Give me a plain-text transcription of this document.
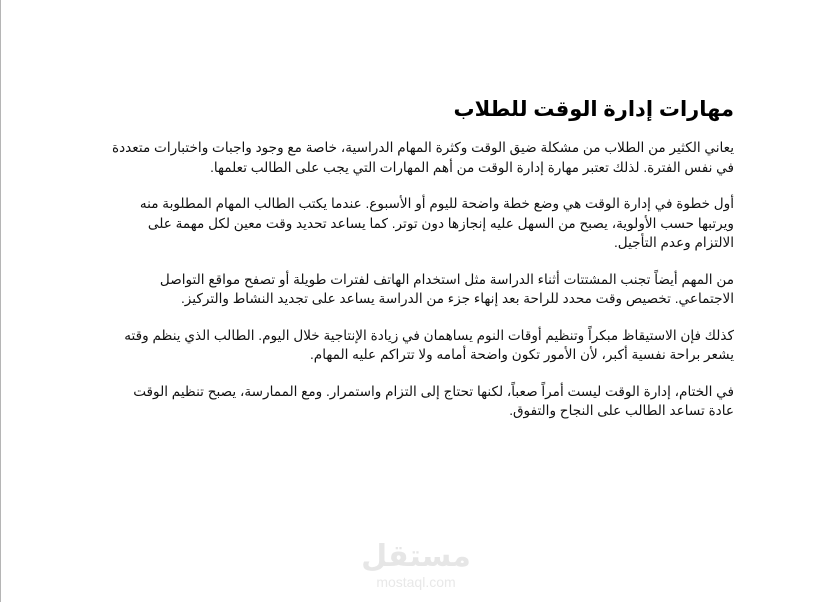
مهارات إدارة الوقت للطلاب

يعاني الكثير من الطلاب من مشكلة ضيق الوقت وكثرة المهام الدراسية، خاصة مع وجود واجبات واختبارات متعددة في نفس الفترة. لذلك تعتبر مهارة إدارة الوقت من أهم المهارات التي يجب على الطالب تعلمها.

أول خطوة في إدارة الوقت هي وضع خطة واضحة لليوم أو الأسبوع. عندما يكتب الطالب المهام المطلوبة منه ويرتبها حسب الأولوية، يصبح من السهل عليه إنجازها دون توتر. كما يساعد تحديد وقت معين لكل مهمة على الالتزام وعدم التأجيل.

من المهم أيضاً تجنب المشتتات أثناء الدراسة مثل استخدام الهاتف لفترات طويلة أو تصفح مواقع التواصل الاجتماعي. تخصيص وقت محدد للراحة بعد إنهاء جزء من الدراسة يساعد على تجديد النشاط والتركيز.

كذلك فإن الاستيقاظ مبكراً وتنظيم أوقات النوم يساهمان في زيادة الإنتاجية خلال اليوم. الطالب الذي ينظم وقته يشعر براحة نفسية أكبر، لأن الأمور تكون واضحة أمامه ولا تتراكم عليه المهام.

في الختام، إدارة الوقت ليست أمراً صعباً، لكنها تحتاج إلى التزام واستمرار. ومع الممارسة، يصبح تنظيم الوقت عادة تساعد الطالب على النجاح والتفوق.

مستقل
mostaql.com
